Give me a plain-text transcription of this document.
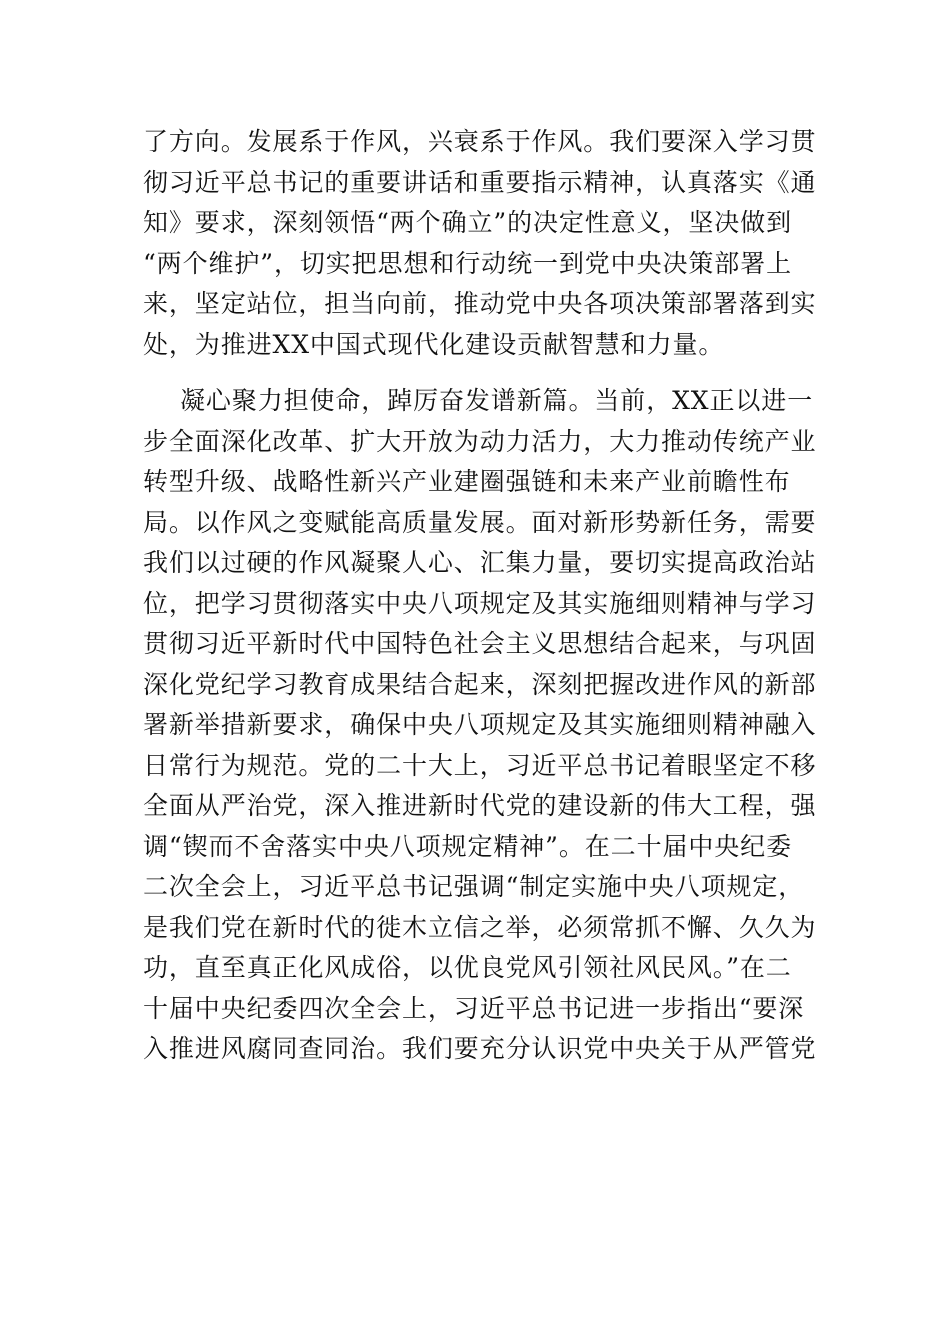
了方向。发展系于作风，兴衰系于作风。我们要深入学习贯
彻习近平总书记的重要讲话和重要指示精神，认真落实《通
知》要求，深刻领悟“两个确立”的决定性意义，坚决做到
“两个维护”，切实把思想和行动统一到党中央决策部署上
来，坚定站位，担当向前，推动党中央各项决策部署落到实
处，为推进XX中国式现代化建设贡献智慧和力量。
凝心聚力担使命，踔厉奋发谱新篇。当前，XX正以进一
步全面深化改革、扩大开放为动力活力，大力推动传统产业
转型升级、战略性新兴产业建圈强链和未来产业前瞻性布
局。以作风之变赋能高质量发展。面对新形势新任务，需要
我们以过硬的作风凝聚人心、汇集力量，要切实提高政治站
位，把学习贯彻落实中央八项规定及其实施细则精神与学习
贯彻习近平新时代中国特色社会主义思想结合起来，与巩固
深化党纪学习教育成果结合起来，深刻把握改进作风的新部
署新举措新要求，确保中央八项规定及其实施细则精神融入
日常行为规范。党的二十大上，习近平总书记着眼坚定不移
全面从严治党，深入推进新时代党的建设新的伟大工程，强
调“锲而不舍落实中央八项规定精神”。在二十届中央纪委
二次全会上，习近平总书记强调“制定实施中央八项规定，
是我们党在新时代的徙木立信之举，必须常抓不懈、久久为
功，直至真正化风成俗，以优良党风引领社风民风。”在二
十届中央纪委四次全会上，习近平总书记进一步指出“要深
入推进风腐同查同治。我们要充分认识党中央关于从严管党
